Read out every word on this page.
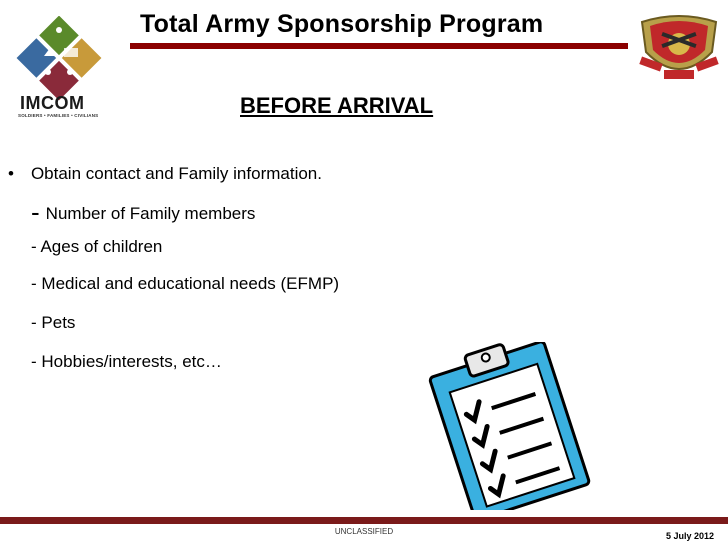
Total Army Sponsorship Program
IMCOM
SOLDIERS • FAMILIES • CIVILIANS	BEFORE ARRIVAL
• Obtain contact and Family information.
- Number of Family members
- Ages of children
- Medical and educational needs (EFMP)
- Pets
- Hobbies/interests, etc…
UNCLASSIFIED	5 July 2012
